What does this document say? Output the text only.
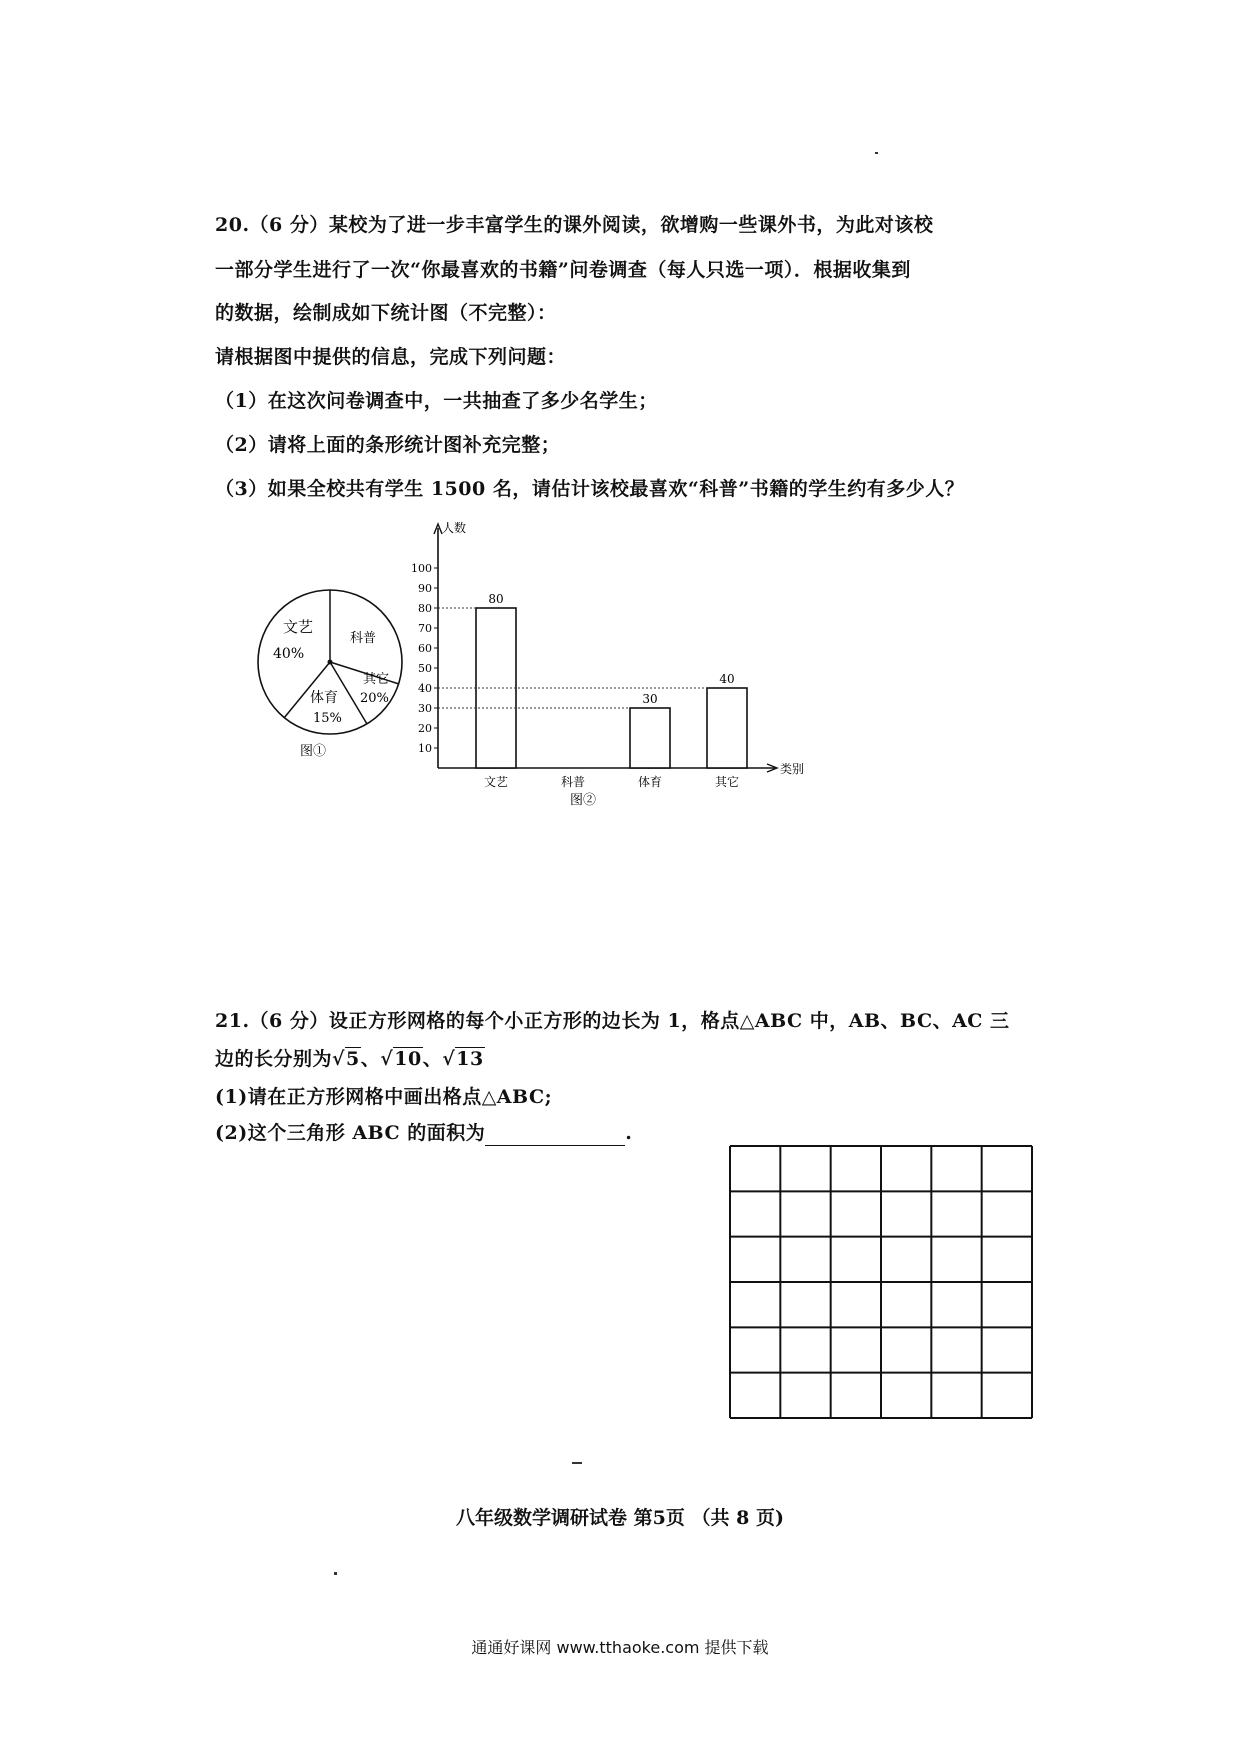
20.（6 分）某校为了进一步丰富学生的课外阅读，欲增购一些课外书，为此对该校
一部分学生进行了一次“你最喜欢的书籍”问卷调查（每人只选一项）．根据收集到
的数据，绘制成如下统计图（不完整）：
请根据图中提供的信息，完成下列问题：
（1）在这次问卷调查中，一共抽查了多少名学生；
（2）请将上面的条形统计图补充完整；
（3）如果全校共有学生 1500 名，请估计该校最喜欢“科普”书籍的学生约有多少人？
文艺
40%
科普
其它
20%
体育
15%
图①
人数
类别
10
20
30
40
50
60
70
80
90
100
文艺
80
科普	体育
30
其它
40
图②
21.（6 分）设正方形网格的每个小正方形的边长为 1，格点△ABC 中，AB、BC、AC 三
边的长分别为√5、√10、√13
(1)请在正方形网格中画出格点△ABC;
(2)这个三角形 ABC 的面积为	.
八年级数学调研试卷 第5页 （共 8 页)
通通好课网 www.tthaoke.com 提供下载
